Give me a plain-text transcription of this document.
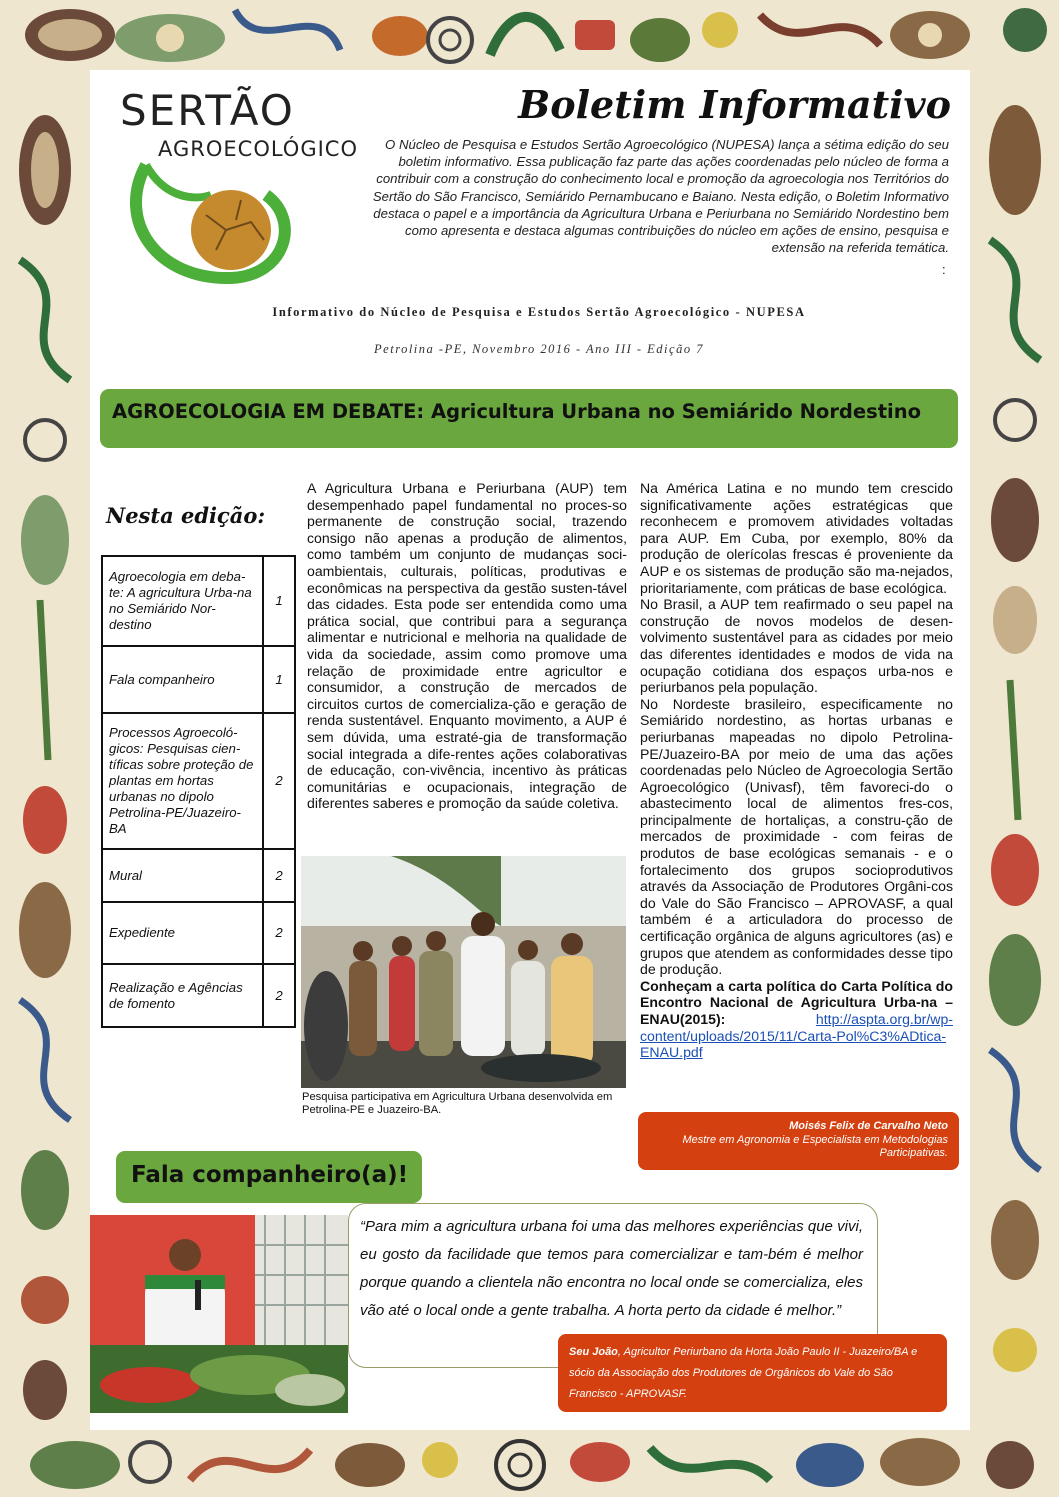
SERTÃO
AGROECOLÓGICO
Boletim Informativo
O Núcleo de Pesquisa e Estudos Sertão Agroecológico (NUPESA) lança a sétima edição do seu boletim informativo. Essa publicação faz parte das ações coordenadas pelo núcleo de forma a contribuir com a construção do conhecimento local e promoção da agroecologia nos Territórios do Sertão do São Francisco, Semiárido Pernambucano e Baiano. Nesta edição, o Boletim Informativo destaca o papel e a importância da Agricultura Urbana e Periurbana no Semiárido Nordestino bem como apresenta e destaca algumas contribuições do núcleo em ações de ensino, pesquisa e extensão na referida temática.
:
Informativo do Núcleo de Pesquisa e Estudos Sertão Agroecológico - NUPESA
Petrolina -PE, Novembro 2016 - Ano III - Edição 7
AGROECOLOGIA EM DEBATE: Agricultura Urbana no Semiárido Nordestino
Nesta edição:
Agroecologia em deba-te: A agricultura Urba-na no Semiárido Nor-destino	1
Fala companheiro	1
Processos Agroecoló-gicos: Pesquisas cien-tíficas sobre proteção de plantas em hortas urbanas no dipolo Petrolina-PE/Juazeiro-BA	2
Mural	2
Expediente	2
Realização e Agências de fomento	2

A Agricultura Urbana e Periurbana (AUP) tem desempenhado papel fundamental no proces-so permanente de construção social, trazendo consigo não apenas a produção de alimentos, como também um conjunto de mudanças soci-oambientais, culturais, políticas, produtivas e econômicas na perspectiva da gestão susten-tável das cidades. Esta pode ser entendida como uma prática social, que contribui para a segurança alimentar e nutricional e melhoria na qualidade de vida da sociedade, assim como promove uma relação de proximidade entre agricultor e consumidor, a construção de mercados de circuitos curtos de comercializa-ção e geração de renda sustentável. Enquanto movimento, a AUP é sem dúvida, uma estraté-gia de transformação social integrada a dife-rentes ações colaborativas de educação, con-vivência, incentivo às práticas comunitárias e ocupacionais, integração de diferentes saberes e promoção da saúde coletiva.

Na América Latina e no mundo tem crescido significativamente ações estratégicas que reconhecem e promovem atividades voltadas para AUP. Em Cuba, por exemplo, 80% da produção de olerícolas frescas é proveniente da AUP e os sistemas de produção são ma-nejados, prioritariamente, com práticas de base ecológica.

No Brasil, a AUP tem reafirmado o seu papel na construção de novos modelos de desen-volvimento sustentável para as cidades por meio das diferentes identidades e modos de vida na ocupação cotidiana dos espaços urba-nos e periurbanos pela população.

No Nordeste brasileiro, especificamente no Semiárido nordestino, as hortas urbanas e periurbanas mapeadas no dipolo Petrolina-PE/Juazeiro-BA por meio de uma das ações coordenadas pelo Núcleo de Agroecologia Sertão Agroecológico (Univasf), têm favoreci-do o abastecimento local de alimentos fres-cos, principalmente de hortaliças, a constru-ção de mercados de proximidade - com feiras de produtos de base ecológicas semanais - e o fortalecimento dos grupos socioprodutivos através da Associação de Produtores Orgâni-cos do Vale do São Francisco – APROVASF, a qual também é a articuladora do processo de certificação orgânica de alguns agricultores (as) e grupos que atendem as conformidades desse tipo de produção.

Conheçam a carta política do Carta Política do Encontro Nacional de Agricultura Urba-na – ENAU(2015):	http://aspta.org.br/wp-content/uploads/2015/11/Carta-Pol%C3%ADtica-ENAU.pdf

Pesquisa participativa em Agricultura Urbana desenvolvida em Petrolina-PE e Juazeiro-BA.
Moisés Felix de Carvalho Neto
Mestre em Agronomia e Especialista em Metodologias Participativas.
Fala companheiro(a)!
“Para mim a agricultura urbana foi uma das melhores experiências que vivi, eu gosto da facilidade que temos para comercializar e tam-bém é melhor porque quando a clientela não encontra no local onde se comercializa, eles vão até o local onde a gente trabalha. A horta perto da cidade é melhor.”
Seu João, Agricultor Periurbano da Horta João Paulo II - Juazeiro/BA e sócio da Associação dos Produtores de Orgânicos do Vale do São Francisco - APROVASF.
